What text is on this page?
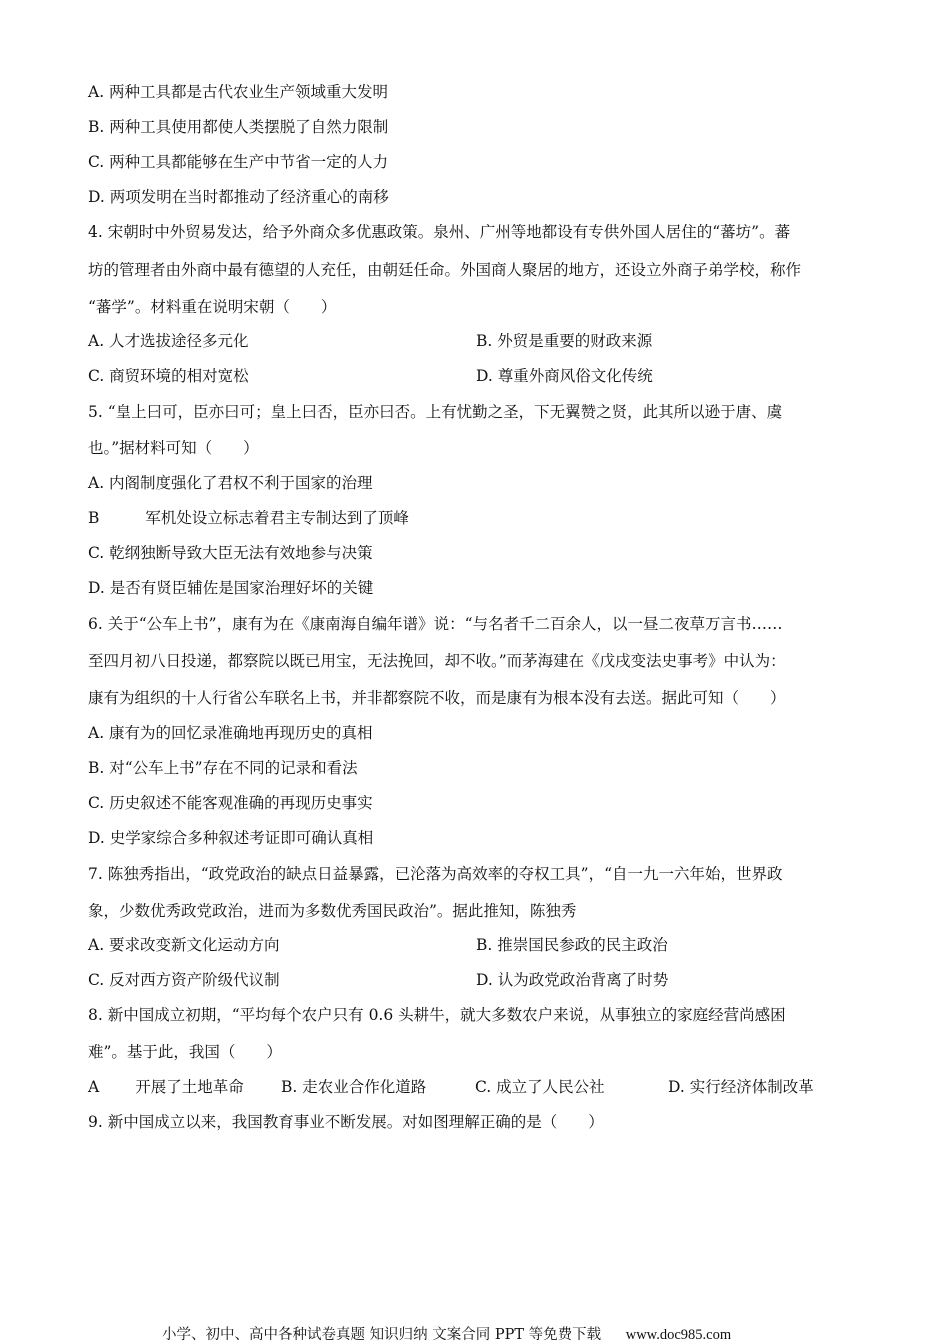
A. 两种工具都是古代农业生产领域重大发明
B. 两种工具使用都使人类摆脱了自然力限制
C. 两种工具都能够在生产中节省一定的人力
D. 两项发明在当时都推动了经济重心的南移
4. 宋朝时中外贸易发达，给予外商众多优惠政策。泉州、广州等地都设有专供外国人居住的“蕃坊”。蕃
坊的管理者由外商中最有德望的人充任，由朝廷任命。外国商人聚居的地方，还设立外商子弟学校，称作
“蕃学”。材料重在说明宋朝（　　）
A. 人才选拔途径多元化	B. 外贸是重要的财政来源
C. 商贸环境的相对宽松	D. 尊重外商风俗文化传统
5. “皇上曰可，臣亦曰可；皇上曰否，臣亦曰否。上有忧勤之圣，下无翼赞之贤，此其所以逊于唐、虞
也。”据材料可知（　　）
A. 内阁制度强化了君权不利于国家的治理
B	军机处设立标志着君主专制达到了顶峰
C. 乾纲独断导致大臣无法有效地参与决策
D. 是否有贤臣辅佐是国家治理好坏的关键
6. 关于“公车上书”，康有为在《康南海自编年谱》说：“与名者千二百余人，以一昼二夜草万言书……
至四月初八日投递，都察院以既已用宝，无法挽回，却不收。”而茅海建在《戊戌变法史事考》中认为：
康有为组织的十人行省公车联名上书，并非都察院不收，而是康有为根本没有去送。据此可知（　　）
A. 康有为的回忆录准确地再现历史的真相
B. 对“公车上书”存在不同的记录和看法
C. 历史叙述不能客观准确的再现历史事实
D. 史学家综合多种叙述考证即可确认真相
7. 陈独秀指出，“政党政治的缺点日益暴露，已沦落为高效率的夺权工具”，“自一九一六年始，世界政
象，少数优秀政党政治，进而为多数优秀国民政治”。据此推知，陈独秀
A. 要求改变新文化运动方向	B. 推崇国民参政的民主政治
C. 反对西方资产阶级代议制	D. 认为政党政治背离了时势
8. 新中国成立初期，“平均每个农户只有 0.6 头耕牛，就大多数农户来说，从事独立的家庭经营尚感困
难”。基于此，我国（　　）
A 开展了土地革命 B. 走农业合作化道路	C. 成立了人民公社	D. 实行经济体制改革
9. 新中国成立以来，我国教育事业不断发展。对如图理解正确的是（　　）
小学、初中、高中各种试卷真题 知识归纳 文案合同 PPT 等免费下载 www.doc985.com
